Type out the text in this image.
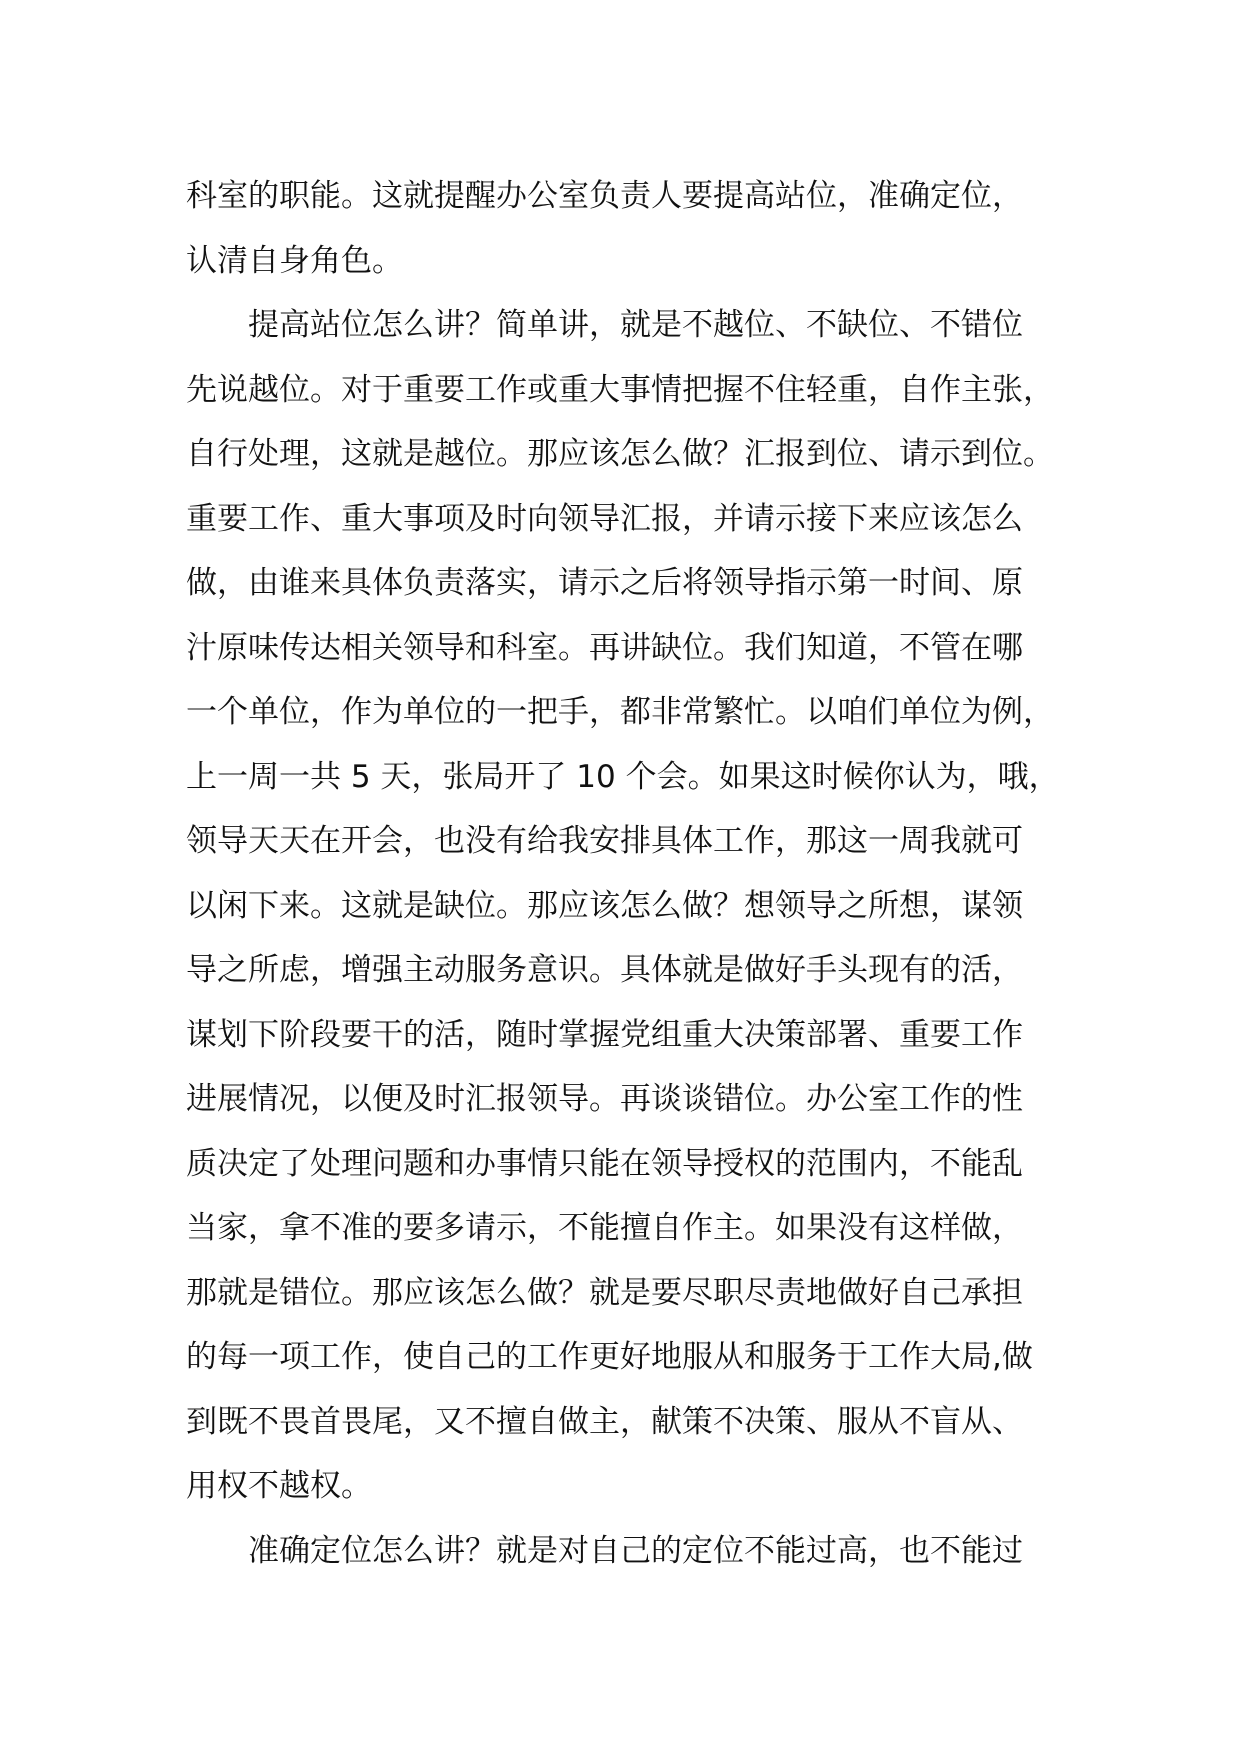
科室的职能。这就提醒办公室负责人要提高站位，准确定位，
认清自身角色。
提高站位怎么讲？简单讲，就是不越位、不缺位、不错位
先说越位。对于重要工作或重大事情把握不住轻重，自作主张，
自行处理，这就是越位。那应该怎么做？汇报到位、请示到位。
重要工作、重大事项及时向领导汇报，并请示接下来应该怎么
做，由谁来具体负责落实，请示之后将领导指示第一时间、原
汁原味传达相关领导和科室。再讲缺位。我们知道，不管在哪
一个单位，作为单位的一把手，都非常繁忙。以咱们单位为例，
上一周一共 5 天，张局开了 10 个会。如果这时候你认为，哦，
领导天天在开会，也没有给我安排具体工作，那这一周我就可
以闲下来。这就是缺位。那应该怎么做？想领导之所想，谋领
导之所虑，增强主动服务意识。具体就是做好手头现有的活，
谋划下阶段要干的活，随时掌握党组重大决策部署、重要工作
进展情况，以便及时汇报领导。再谈谈错位。办公室工作的性
质决定了处理问题和办事情只能在领导授权的范围内，不能乱
当家，拿不准的要多请示，不能擅自作主。如果没有这样做，
那就是错位。那应该怎么做？就是要尽职尽责地做好自己承担
的每一项工作，使自己的工作更好地服从和服务于工作大局,做
到既不畏首畏尾，又不擅自做主，献策不决策、服从不盲从、
用权不越权。
准确定位怎么讲？就是对自己的定位不能过高，也不能过
